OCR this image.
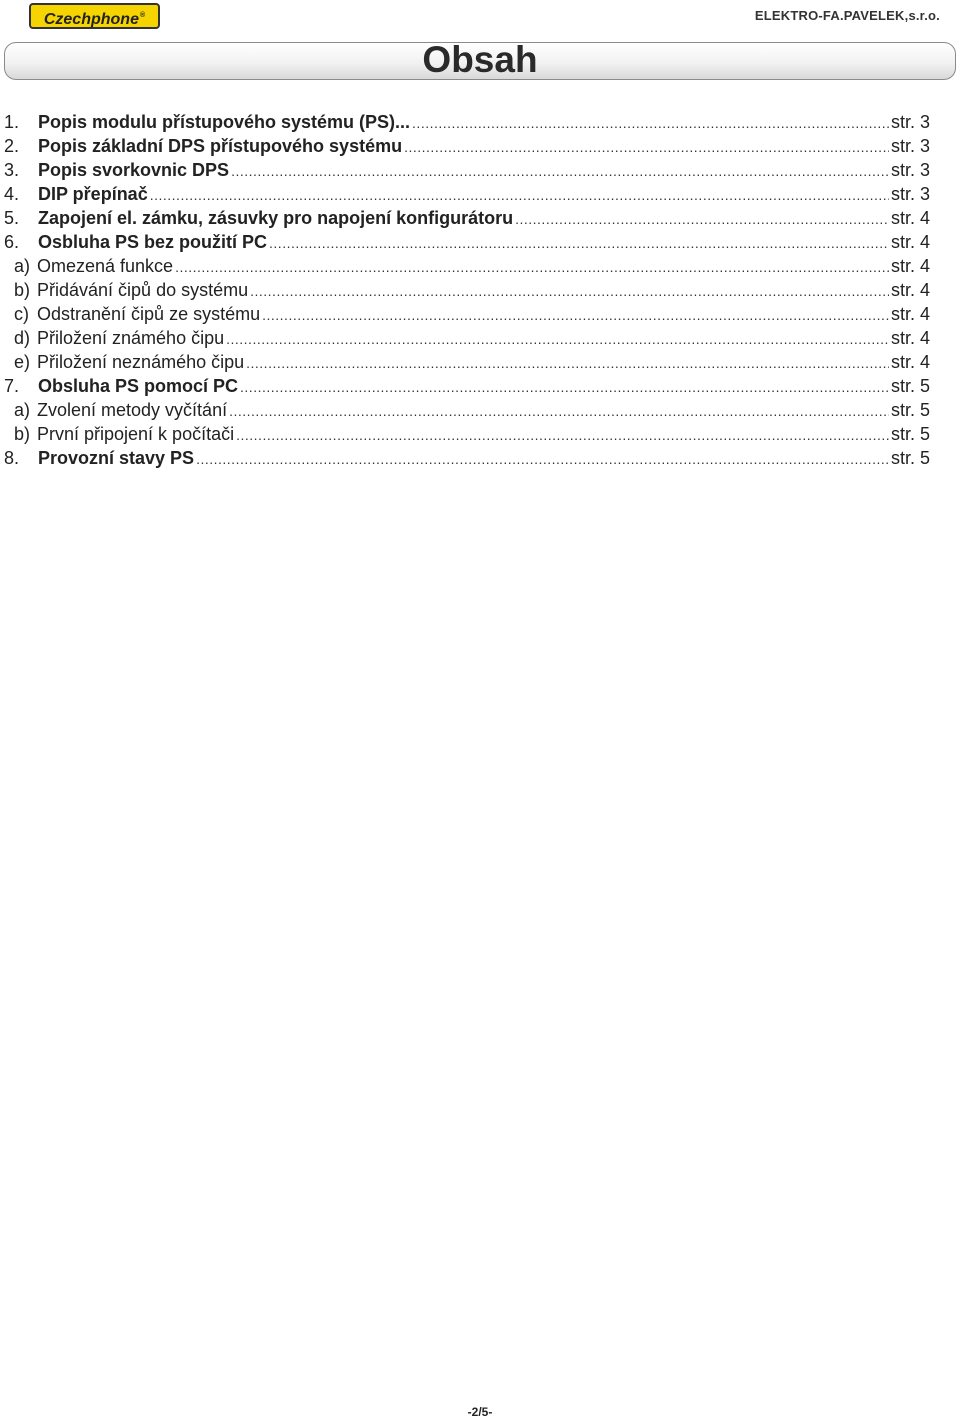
Czechphone®	ELEKTRO-FA.PAVELEK,s.r.o.
Obsah
1.	Popis modulu přístupového systému (PS)... .....	str. 3
2.	Popis základní DPS přístupového systému .....	str. 3
3.	Popis svorkovnic DPS .....	str. 3
4.	DIP přepínač .....	str. 3
5.	Zapojení el. zámku, zásuvky pro napojení konfigurátoru .....	str. 4
6.	Osbluha PS bez použití PC .....	str. 4
a) Omezená funkce .....	str. 4
b) Přidávání čipů do systému .....	str. 4
c) Odstranění čipů ze systému .....	str. 4
d) Přiložení známého čipu .....	str. 4
e) Přiložení neznámého čipu .....	str. 4
7.	Obsluha PS pomocí PC .....	str. 5
a) Zvolení metody vyčítání .....	str. 5
b) První připojení k počítači .....	str. 5
8.	Provozní stavy PS .....	str. 5
-2/5-
